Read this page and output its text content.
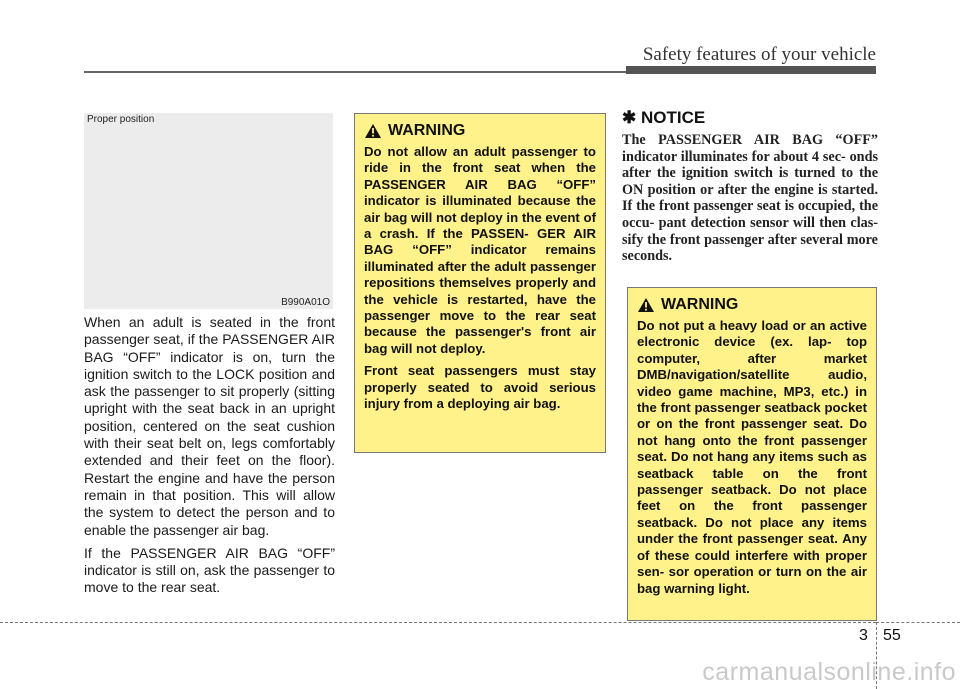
Safety features of your vehicle
Proper position
B990A01O

When an adult is seated in the front passenger seat, if the PASSENGER AIR BAG “OFF” indicator is on, turn the ignition switch to the LOCK position and ask the passenger to sit properly (sitting upright with the seat back in an upright position, centered on the seat cushion with their seat belt on, legs comfortably extended and their feet on the floor). Restart the engine and have the person remain in that position. This will allow the system to detect the person and to enable the passenger air bag.

If the PASSENGER AIR BAG “OFF” indicator is still on, ask the passenger to move to the rear seat.

WARNING

Do not allow an adult passenger to ride in the front seat when the PASSENGER AIR BAG “OFF” indicator is illuminated because the air bag will not deploy in the event of a crash. If the PASSEN- GER AIR BAG “OFF” indicator remains illuminated after the adult passenger repositions themselves properly and the vehicle is restarted, have the passenger move to the rear seat because the passenger's front air bag will not deploy.

Front seat passengers must stay properly seated to avoid serious injury from a deploying air bag.

✱ NOTICE
The PASSENGER AIR BAG “OFF” indicator illuminates for about 4 sec- onds after the ignition switch is turned to the ON position or after the engine is started. If the front passenger seat is occupied, the occu- pant detection sensor will then clas- sify the front passenger after several more seconds.
WARNING
Do not put a heavy load or an active electronic device (ex. lap- top computer, after market DMB/navigation/satellite audio, video game machine, MP3, etc.) in the front passenger seatback pocket or on the front passenger seat. Do not hang onto the front passenger seat. Do not hang any items such as seatback table on the front passenger seatback. Do not place feet on the front passenger seatback. Do not place any items under the front passenger seat. Any of these could interfere with proper sen- sor operation or turn on the air bag warning light.
3 55
carmanualsonline.info
